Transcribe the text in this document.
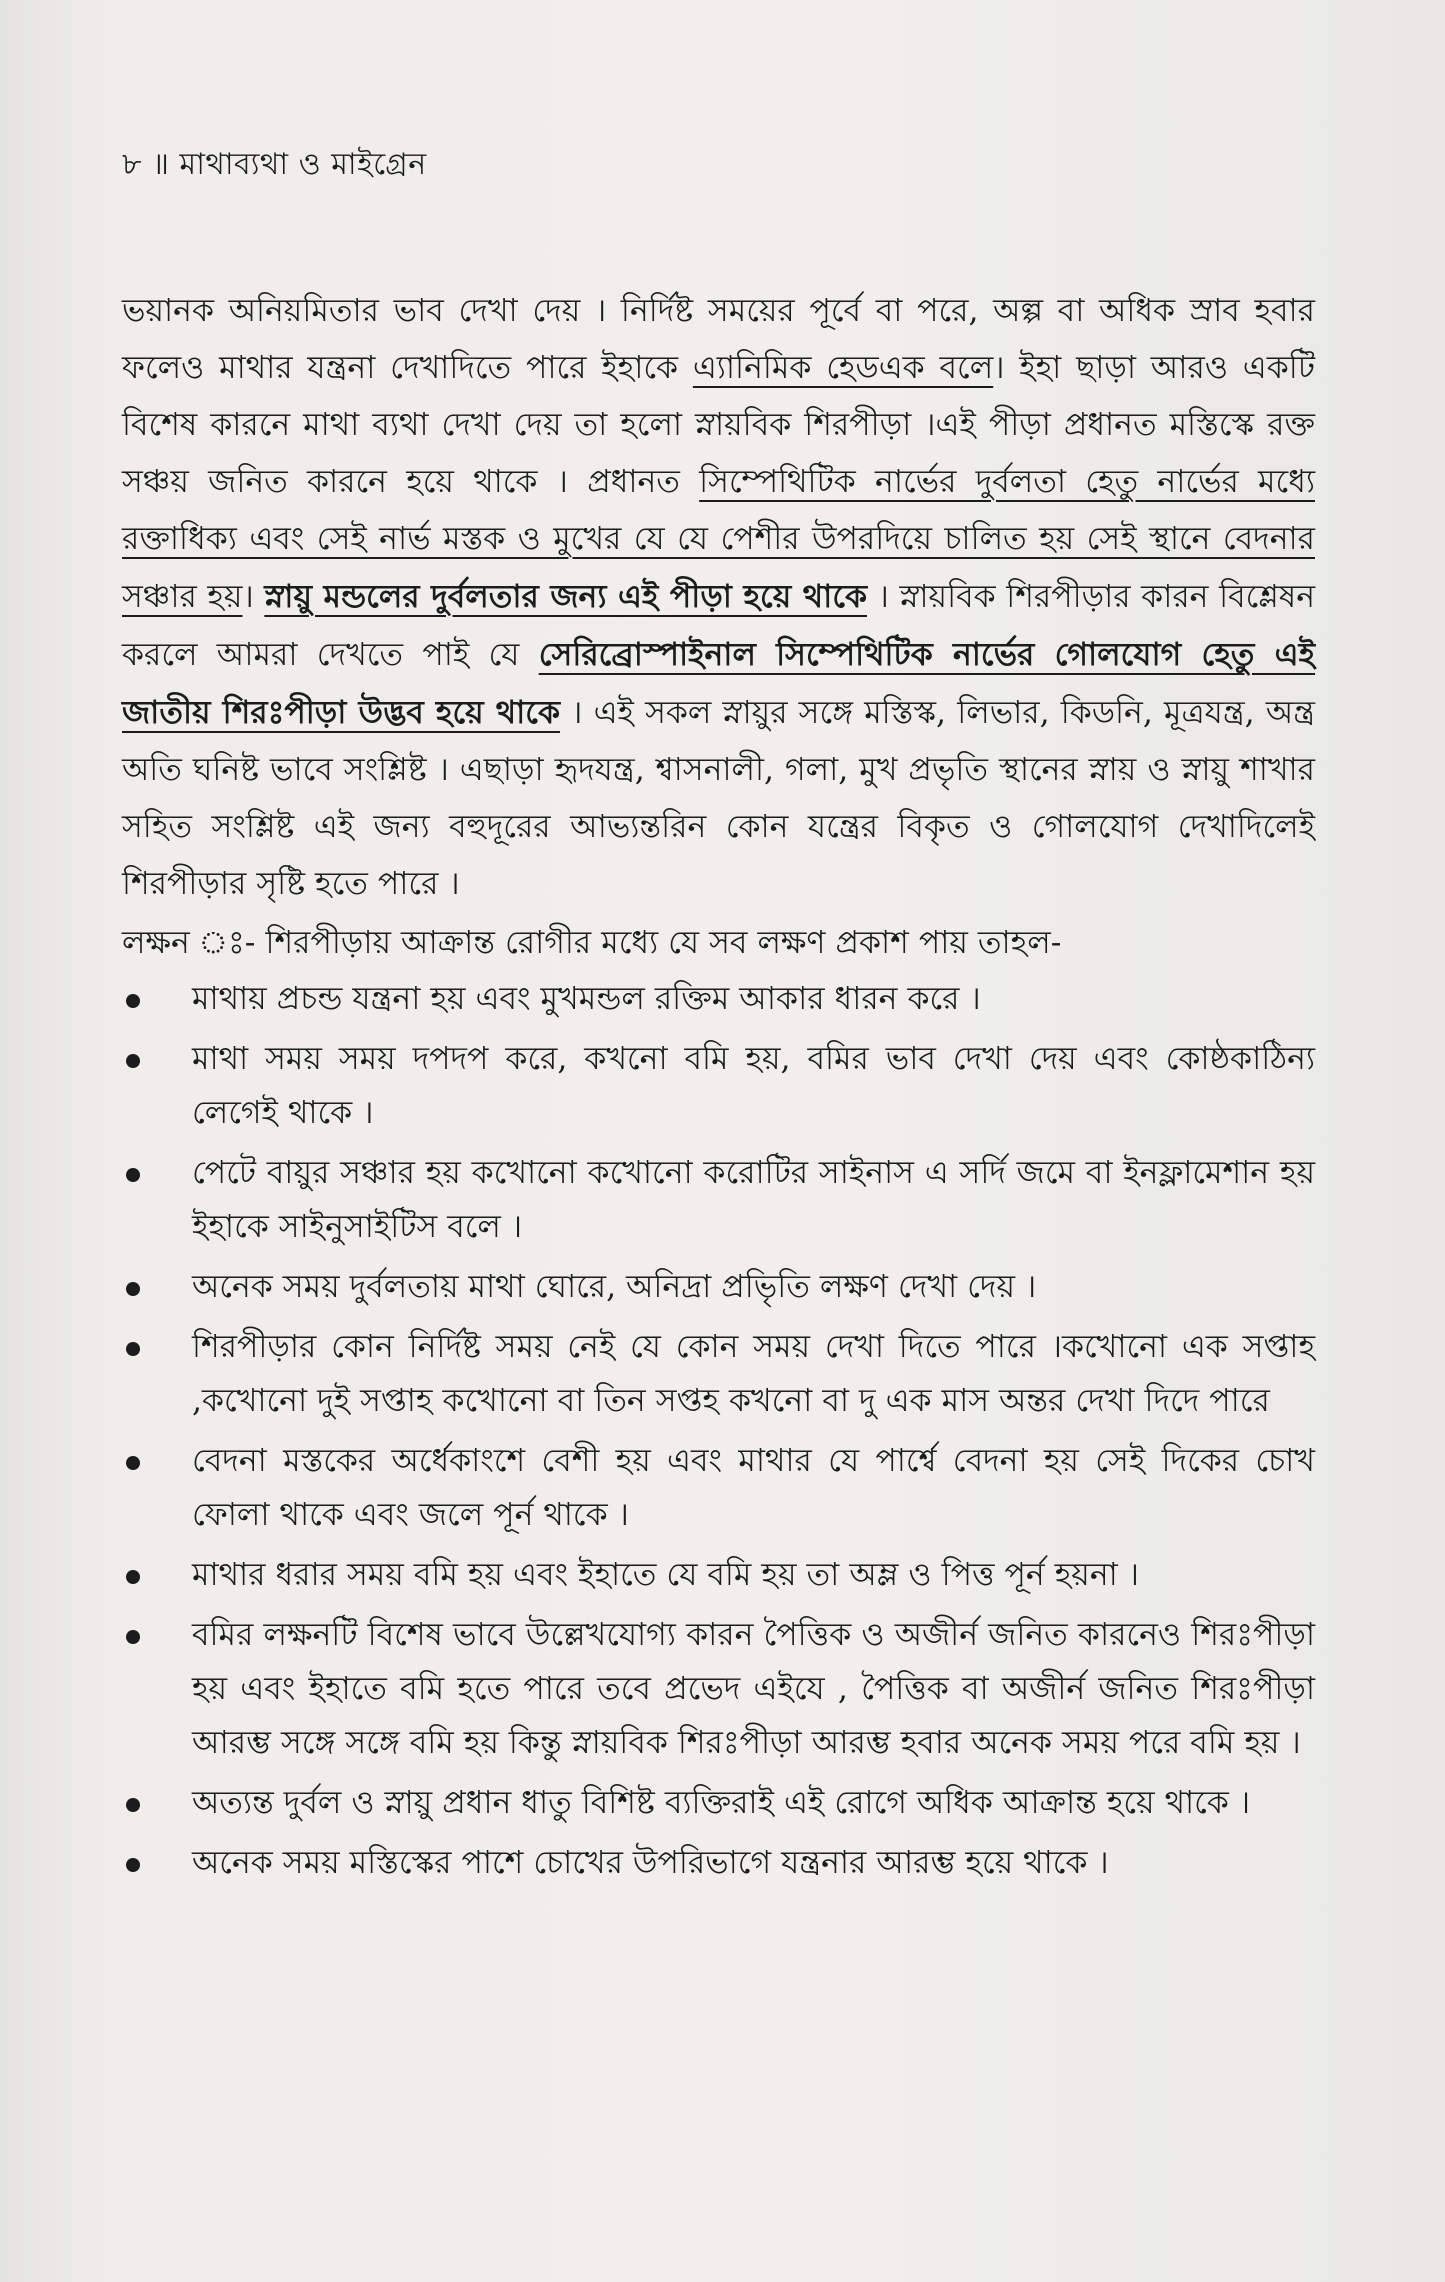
৮ ॥ মাথাব্যথা ও মাইগ্রেন

ভয়ানক অনিয়মিতার ভাব দেখা দেয় । নির্দিষ্ট সময়ের পূর্বে বা পরে, অল্প বা অধিক স্রাব হবার ফলেও মাথার যন্ত্রনা দেখাদিতে পারে ইহাকে এ্যানিমিক হেডএক বলে। ইহা ছাড়া আরও একটি বিশেষ কারনে মাথা ব্যথা দেখা দেয় তা হলো স্নায়বিক শিরপীড়া ।এই পীড়া প্রধানত মস্তিস্কে রক্ত সঞ্চয় জনিত কারনে হয়ে থাকে । প্রধানত সিম্পেথিটিক নার্ভের দুর্বলতা হেতু নার্ভের মধ্যে রক্তাধিক্য এবং সেই নার্ভ মস্তক ও মুখের যে যে পেশীর উপরদিয়ে চালিত হয় সেই স্থানে বেদনার সঞ্চার হয়। স্নায়ু মন্ডলের দুর্বলতার জন্য এই পীড়া হয়ে থাকে । স্নায়বিক শিরপীড়ার কারন বিশ্লেষন করলে আমরা দেখতে পাই যে সেরিব্রোস্পাইনাল সিম্পেথিটিক নার্ভের গোলযোগ হেতু এই জাতীয় শিরঃপীড়া উদ্ভব হয়ে থাকে । এই সকল স্নায়ুর সঙ্গে মস্তিস্ক, লিভার, কিডনি, মূত্রযন্ত্র, অন্ত্র অতি ঘনিষ্ট ভাবে সংশ্লিষ্ট । এছাড়া হৃদযন্ত্র, শ্বাসনালী, গলা, মুখ প্রভৃতি স্থানের স্নায় ও স্নায়ু শাখার সহিত সংশ্লিষ্ট এই জন্য বহুদূরের আভ্যন্তরিন কোন যন্ত্রের বিকৃত ও গোলযোগ দেখাদিলেই শিরপীড়ার সৃষ্টি হতে পারে ।

লক্ষন ঃ- শিরপীড়ায় আক্রান্ত রোগীর মধ্যে যে সব লক্ষণ প্রকাশ পায় তাহল-

মাথায় প্রচন্ড যন্ত্রনা হয় এবং মুখমন্ডল রক্তিম আকার ধারন করে ।
মাথা সময় সময় দপদপ করে, কখনো বমি হয়, বমির ভাব দেখা দেয় এবং কোষ্ঠকাঠিন্য লেগেই থাকে ।
পেটে বায়ুর সঞ্চার হয় কখোনো কখোনো করোটির সাইনাস এ সর্দি জমে বা ইনফ্লামেশান হয় ইহাকে সাইনুসাইটিস বলে ।
অনেক সময় দুর্বলতায় মাথা ঘোরে, অনিদ্রা প্রভিৃতি লক্ষণ দেখা দেয় ।
শিরপীড়ার কোন নির্দিষ্ট সময় নেই যে কোন সময় দেখা দিতে পারে ।কখোনো এক সপ্তাহ ,কখোনো দুই সপ্তাহ কখোনো বা তিন সপ্তহ কখনো বা দু এক মাস অন্তর দেখা দিদে পারে
বেদনা মস্তকের অর্ধেকাংশে বেশী হয় এবং মাথার যে পার্শ্বে বেদনা হয় সেই দিকের চোখ ফোলা থাকে এবং জলে পূর্ন থাকে ।
মাথার ধরার সময় বমি হয় এবং ইহাতে যে বমি হয় তা অম্ল ও পিত্ত পূর্ন হয়না ।
বমির লক্ষনটি বিশেষ ভাবে উল্লেখযোগ্য কারন পৈত্তিক ও অজীর্ন জনিত কারনেও শিরঃপীড়া হয় এবং ইহাতে বমি হতে পারে তবে প্রভেদ এইযে , পৈত্তিক বা অজীর্ন জনিত শিরঃপীড়া আরম্ভ সঙ্গে সঙ্গে বমি হয় কিন্তু স্নায়বিক শিরঃপীড়া আরম্ভ হবার অনেক সময় পরে বমি হয় ।
অত্যন্ত দুর্বল ও স্নায়ু প্রধান ধাতু বিশিষ্ট ব্যক্তিরাই এই রোগে অধিক আক্রান্ত হয়ে থাকে ।
অনেক সময় মস্তিস্কের পাশে চোখের উপরিভাগে যন্ত্রনার আরম্ভ হয়ে থাকে ।
